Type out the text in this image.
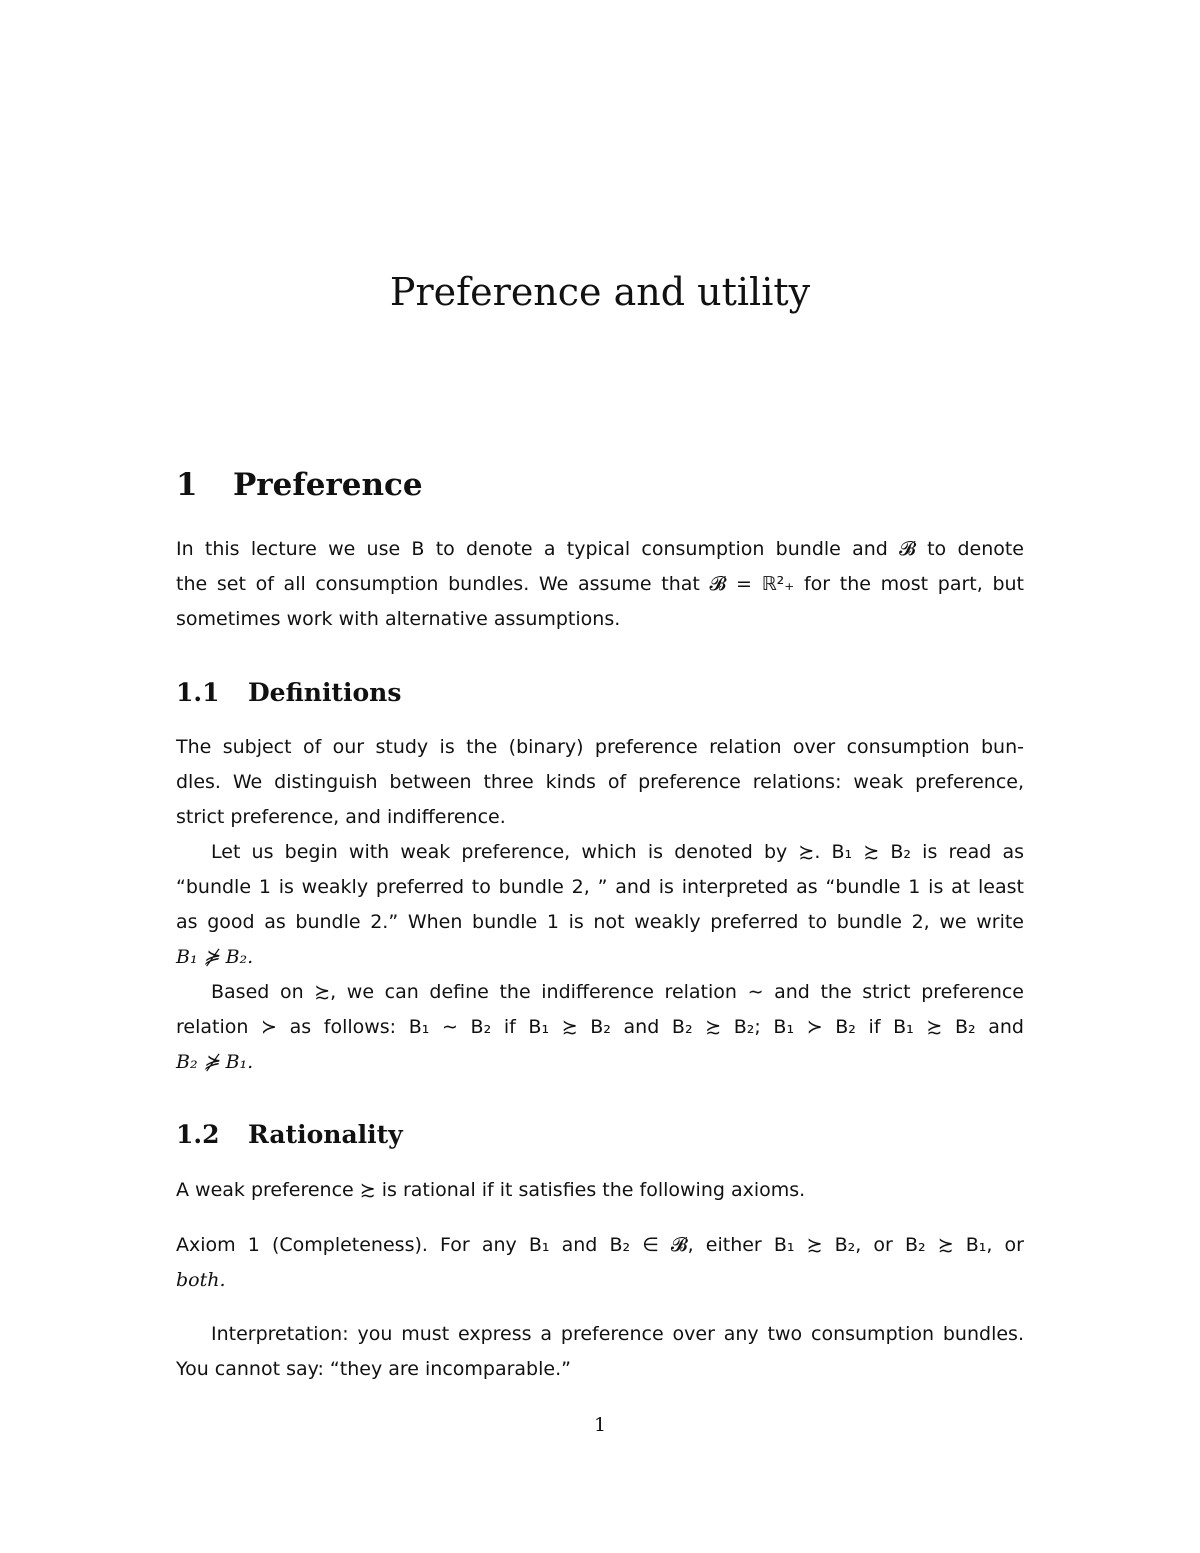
Preference and utility
1 Preference

In this lecture we use B to denote a typical consumption bundle and 𝓑 to denote
the set of all consumption bundles. We assume that 𝓑 = ℝ²₊ for the most part, but
sometimes work with alternative assumptions.

1.1 Definitions

The subject of our study is the (binary) preference relation over consumption bun-
dles. We distinguish between three kinds of preference relations: weak preference,
strict preference, and indifference.
Let us begin with weak preference, which is denoted by ≿. B₁ ≿ B₂ is read as
“bundle 1 is weakly preferred to bundle 2, ” and is interpreted as “bundle 1 is at least
as good as bundle 2.” When bundle 1 is not weakly preferred to bundle 2, we write
B₁ ⋡ B₂.
Based on ≿, we can define the indifference relation ∼ and the strict preference
relation ≻ as follows: B₁ ∼ B₂ if B₁ ≿ B₂ and B₂ ≿ B₂; B₁ ≻ B₂ if B₁ ≿ B₂ and
B₂ ⋡ B₁.

1.2 Rationality

A weak preference ≿ is rational if it satisfies the following axioms.

Axiom 1 (Completeness). For any B₁ and B₂ ∈ 𝓑, either B₁ ≿ B₂, or B₂ ≿ B₁, or
both.

Interpretation: you must express a preference over any two consumption bundles.
You cannot say: “they are incomparable.”

1
